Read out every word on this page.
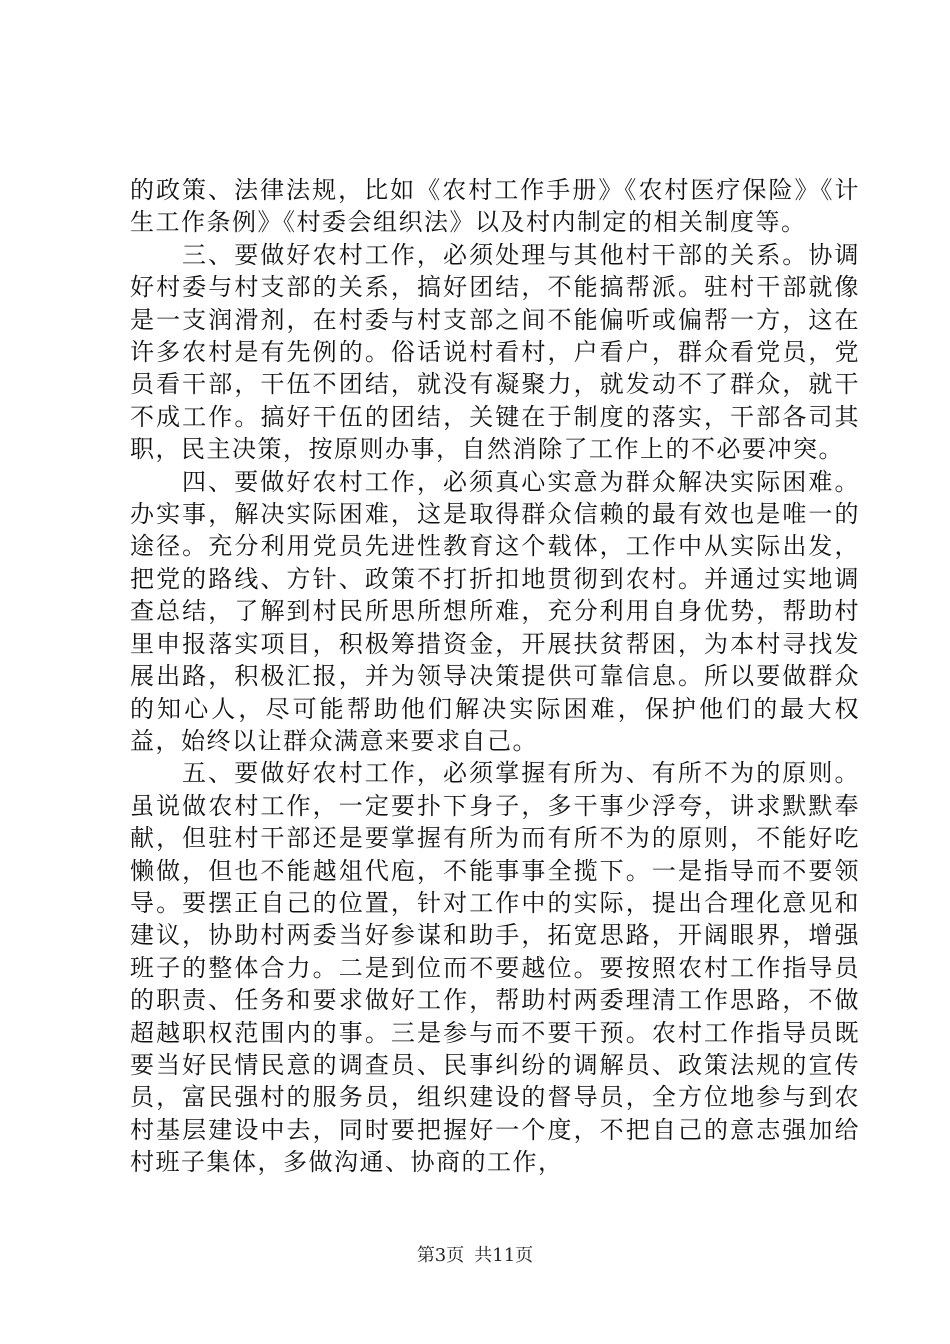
的政策、法律法规，比如《农村工作手册》《农村医疗保险》《计生工作条例》《村委会组织法》以及村内制定的相关制度等。

三、要做好农村工作，必须处理与其他村干部的关系。协调好村委与村支部的关系，搞好团结，不能搞帮派。驻村干部就像是一支润滑剂，在村委与村支部之间不能偏听或偏帮一方，这在许多农村是有先例的。俗话说村看村，户看户，群众看党员，党员看干部，干伍不团结，就没有凝聚力，就发动不了群众，就干不成工作。搞好干伍的团结，关键在于制度的落实，干部各司其职，民主决策，按原则办事，自然消除了工作上的不必要冲突。

四、要做好农村工作，必须真心实意为群众解决实际困难。办实事，解决实际困难，这是取得群众信赖的最有效也是唯一的途径。充分利用党员先进性教育这个载体，工作中从实际出发，把党的路线、方针、政策不打折扣地贯彻到农村。并通过实地调查总结，了解到村民所思所想所难，充分利用自身优势，帮助村里申报落实项目，积极筹措资金，开展扶贫帮困，为本村寻找发展出路，积极汇报，并为领导决策提供可靠信息。所以要做群众的知心人，尽可能帮助他们解决实际困难，保护他们的最大权益，始终以让群众满意来要求自己。

五、要做好农村工作，必须掌握有所为、有所不为的原则。虽说做农村工作，一定要扑下身子，多干事少浮夸，讲求默默奉献，但驻村干部还是要掌握有所为而有所不为的原则，不能好吃懒做，但也不能越俎代庖，不能事事全揽下。一是指导而不要领导。要摆正自己的位置，针对工作中的实际，提出合理化意见和建议，协助村两委当好参谋和助手，拓宽思路，开阔眼界，增强班子的整体合力。二是到位而不要越位。要按照农村工作指导员的职责、任务和要求做好工作，帮助村两委理清工作思路，不做超越职权范围内的事。三是参与而不要干预。农村工作指导员既要当好民情民意的调查员、民事纠纷的调解员、政策法规的宣传员，富民强村的服务员，组织建设的督导员，全方位地参与到农村基层建设中去，同时要把握好一个度，不把自己的意志强加给村班子集体，多做沟通、协商的工作，

第3页 共11页
